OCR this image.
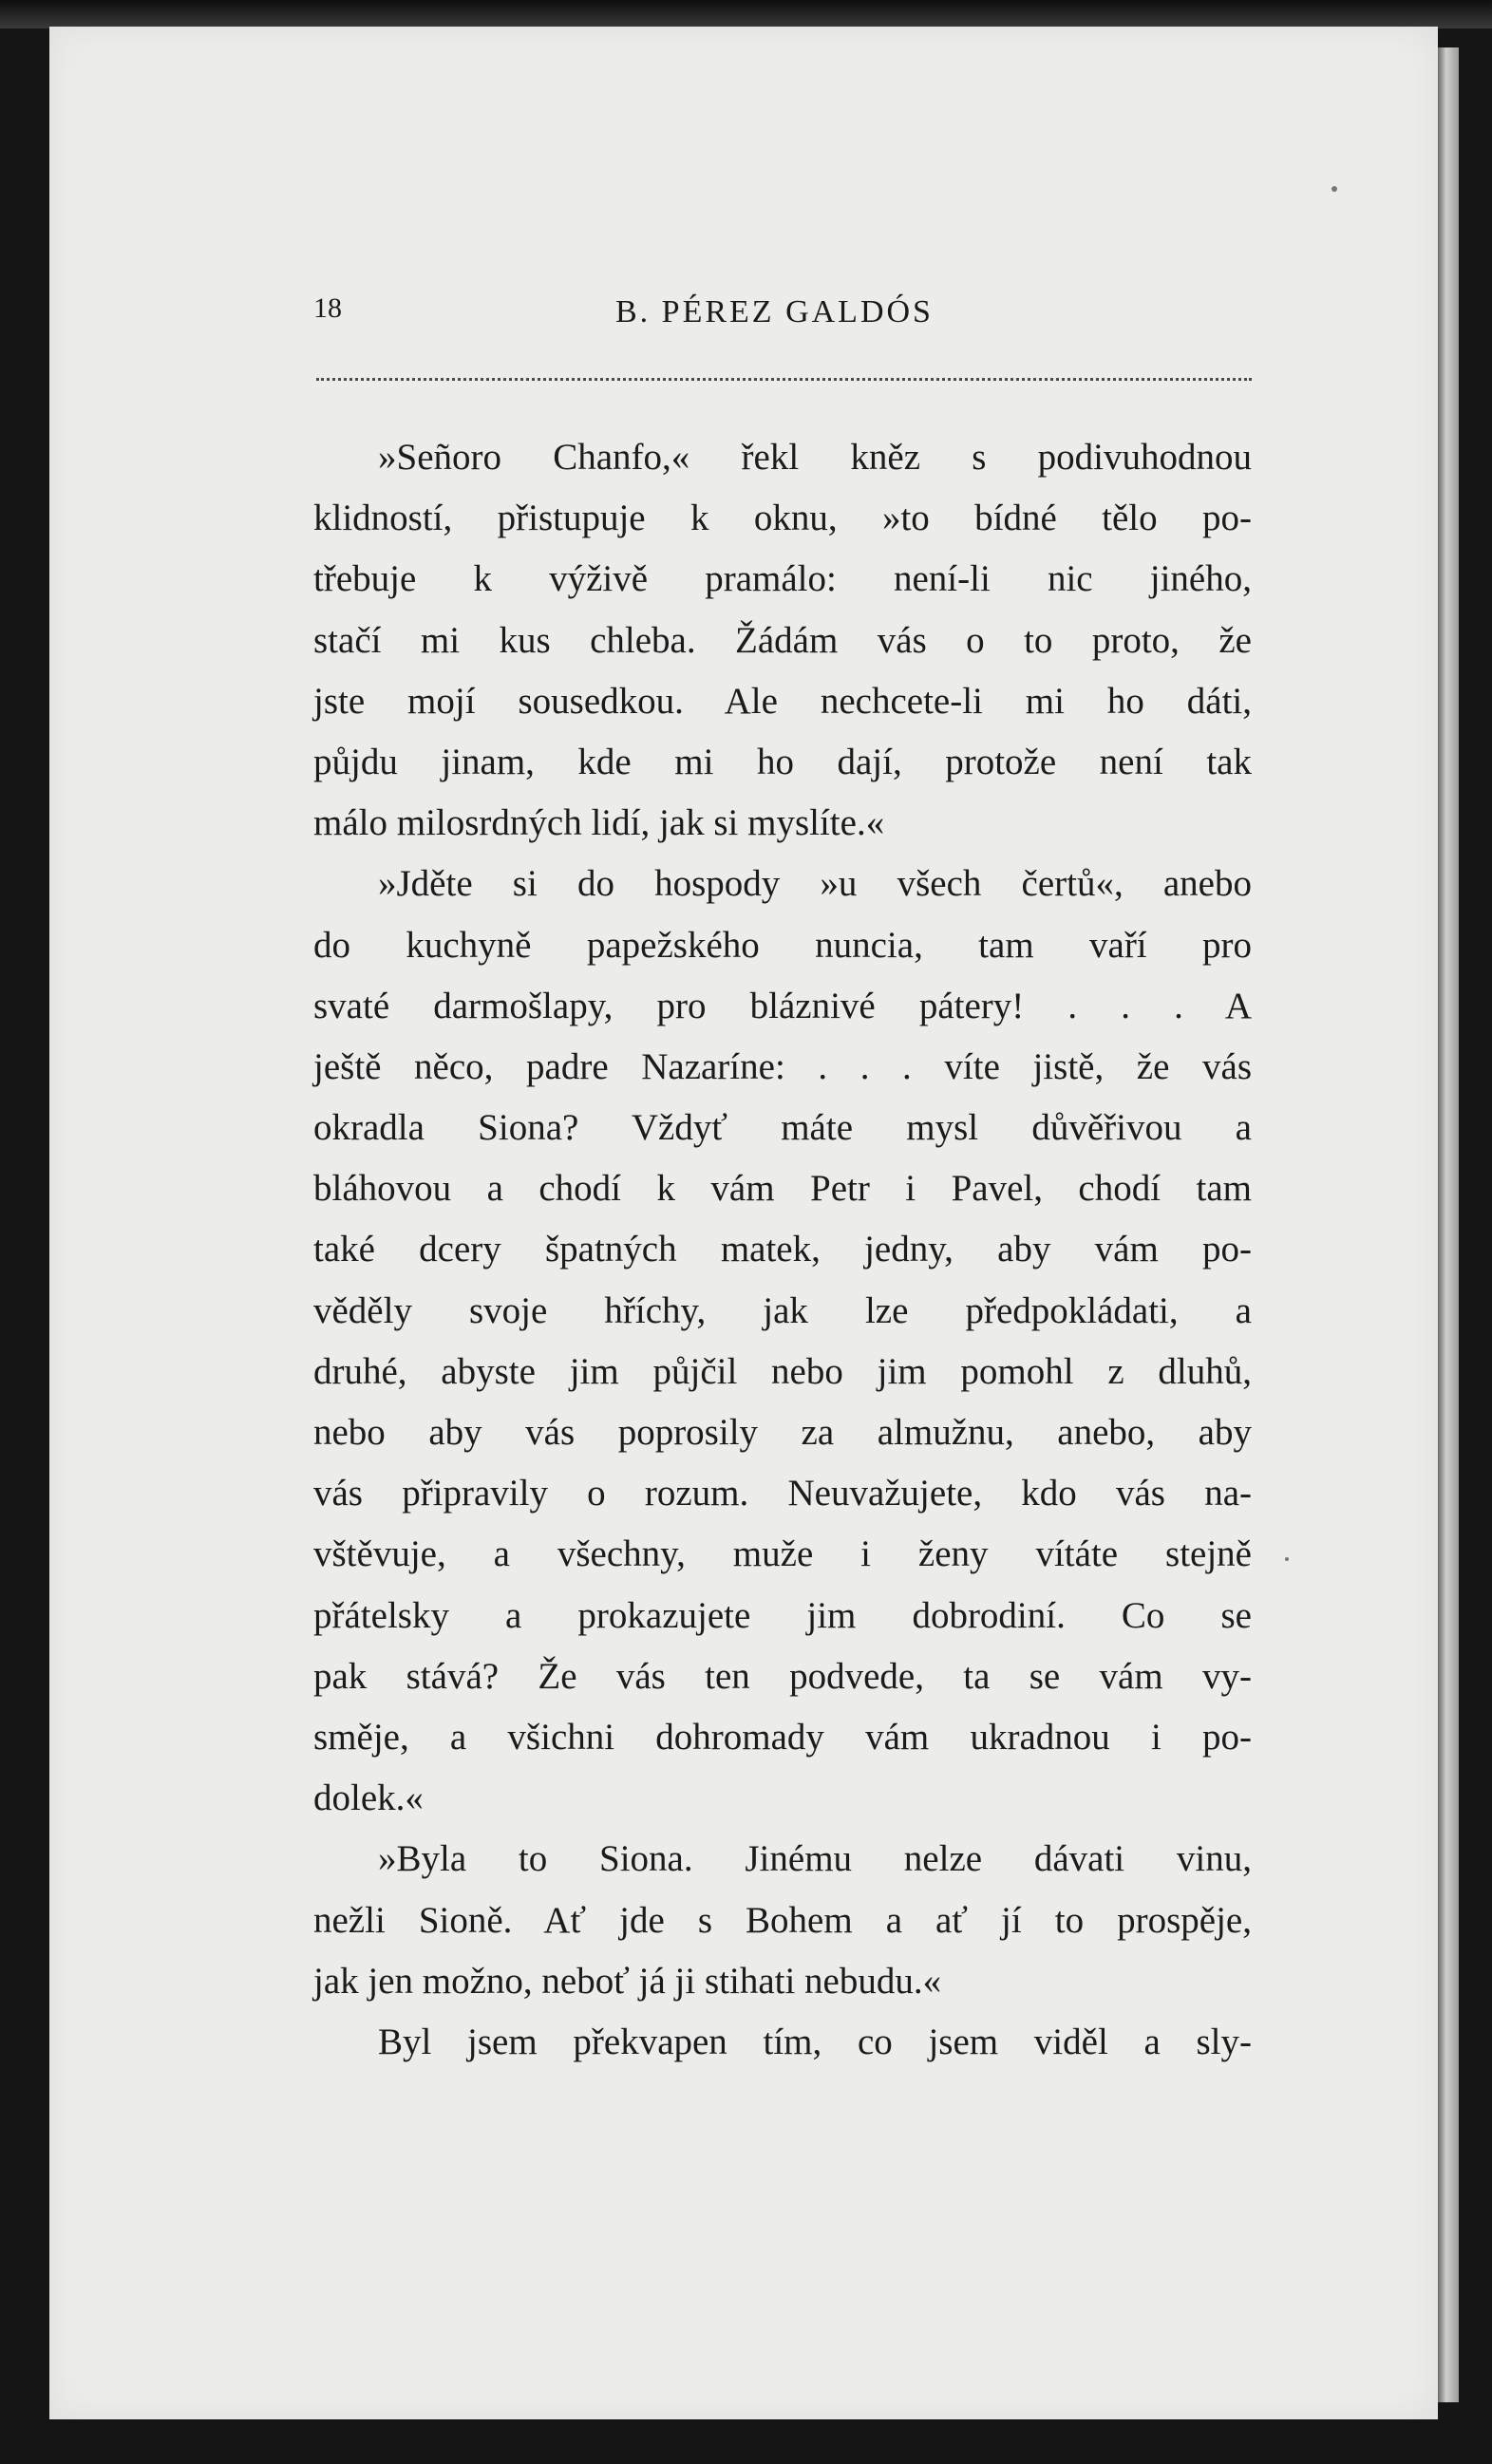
18	B. PÉREZ GALDÓS
»Señoro Chanfo,« řekl kněz s podivuhodnou
klidností, přistupuje k oknu, »to bídné tělo po-
třebuje k výživě pramálo: není-li nic jiného,
stačí mi kus chleba. Žádám vás o to proto, že
jste mojí sousedkou. Ale nechcete-li mi ho dáti,
půjdu jinam, kde mi ho dají, protože není tak
málo milosrdných lidí, jak si myslíte.«
»Jděte si do hospody »u všech čertů«, anebo
do kuchyně papežského nuncia, tam vaří pro
svaté darmošlapy, pro bláznivé pátery! . . . A
ještě něco, padre Nazaríne: . . . víte jistě, že vás
okradla Siona? Vždyť máte mysl důvěřivou a
bláhovou a chodí k vám Petr i Pavel, chodí tam
také dcery špatných matek, jedny, aby vám po-
věděly svoje hříchy, jak lze předpokládati, a
druhé, abyste jim půjčil nebo jim pomohl z dluhů,
nebo aby vás poprosily za almužnu, anebo, aby
vás připravily o rozum. Neuvažujete, kdo vás na-
vštěvuje, a všechny, muže i ženy vítáte stejně
přátelsky a prokazujete jim dobrodiní. Co se
pak stává? Že vás ten podvede, ta se vám vy-
směje, a všichni dohromady vám ukradnou i po-
dolek.«
»Byla to Siona. Jinému nelze dávati vinu,
nežli Sioně. Ať jde s Bohem a ať jí to prospěje,
jak jen možno, neboť já ji stihati nebudu.«
Byl jsem překvapen tím, co jsem viděl a sly-
